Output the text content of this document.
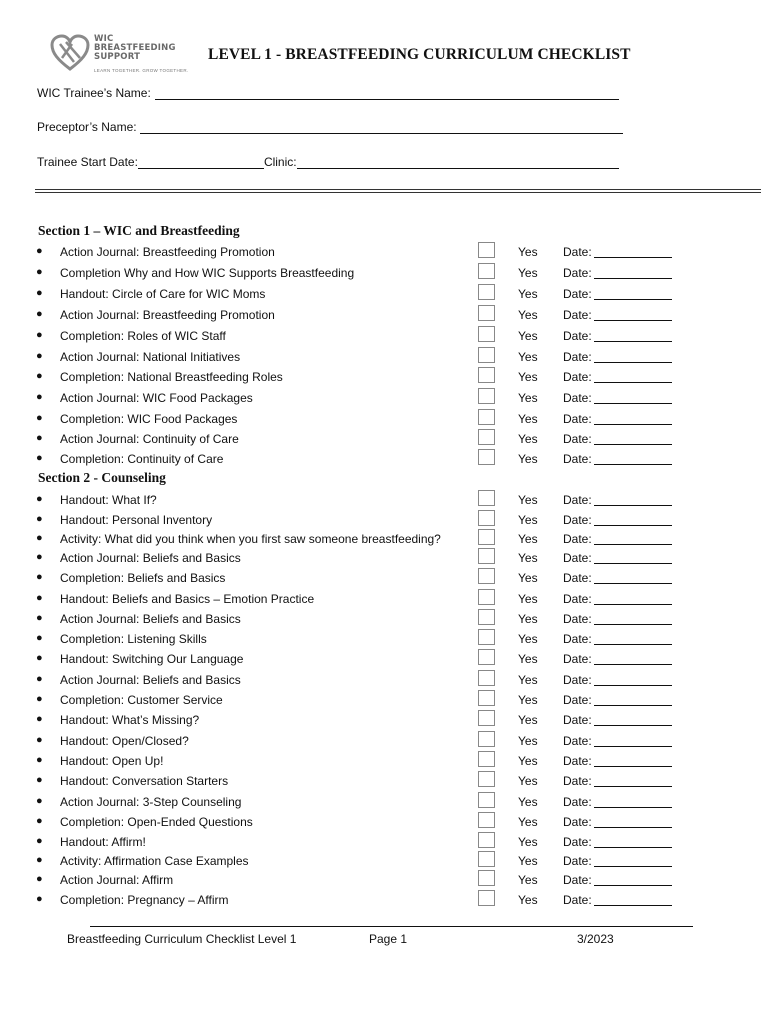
WIC
BREASTFEEDING
SUPPORT
LEARN TOGETHER. GROW TOGETHER.
LEVEL 1 - BREASTFEEDING CURRICULUM CHECKLIST
WIC Trainee’s Name:
Preceptor’s Name:
Trainee Start Date:	Clinic:
Section 1 – WIC and Breastfeeding
● Action Journal: Breastfeeding Promotion	Yes Date:
● Completion Why and How WIC Supports Breastfeeding	Yes Date:
● Handout: Circle of Care for WIC Moms	Yes Date:
● Action Journal: Breastfeeding Promotion	Yes Date:
● Completion: Roles of WIC Staff	Yes Date:
● Action Journal: National Initiatives	Yes Date:
● Completion: National Breastfeeding Roles	Yes Date:
● Action Journal: WIC Food Packages	Yes Date:
● Completion: WIC Food Packages	Yes Date:
● Action Journal: Continuity of Care	Yes Date:
● Completion: Continuity of Care	Yes Date:
Section 2 - Counseling
● Handout: What If?	Yes Date:
● Handout: Personal Inventory	Yes Date:
● Activity: What did you think when you first saw someone breastfeeding?	Yes Date:
● Action Journal: Beliefs and Basics	Yes Date:
● Completion: Beliefs and Basics	Yes Date:
● Handout: Beliefs and Basics – Emotion Practice	Yes Date:
● Action Journal: Beliefs and Basics	Yes Date:
● Completion: Listening Skills	Yes Date:
● Handout: Switching Our Language	Yes Date:
● Action Journal: Beliefs and Basics	Yes Date:
● Completion: Customer Service	Yes Date:
● Handout: What’s Missing?	Yes Date:
● Handout: Open/Closed?	Yes Date:
● Handout: Open Up!	Yes Date:
● Handout: Conversation Starters	Yes Date:
● Action Journal: 3-Step Counseling	Yes Date:
● Completion: Open-Ended Questions	Yes Date:
● Handout: Affirm!	Yes Date:
● Activity: Affirmation Case Examples	Yes Date:
● Action Journal: Affirm	Yes Date:
● Completion: Pregnancy – Affirm	Yes Date:
Breastfeeding Curriculum Checklist Level 1	Page 1	3/2023
